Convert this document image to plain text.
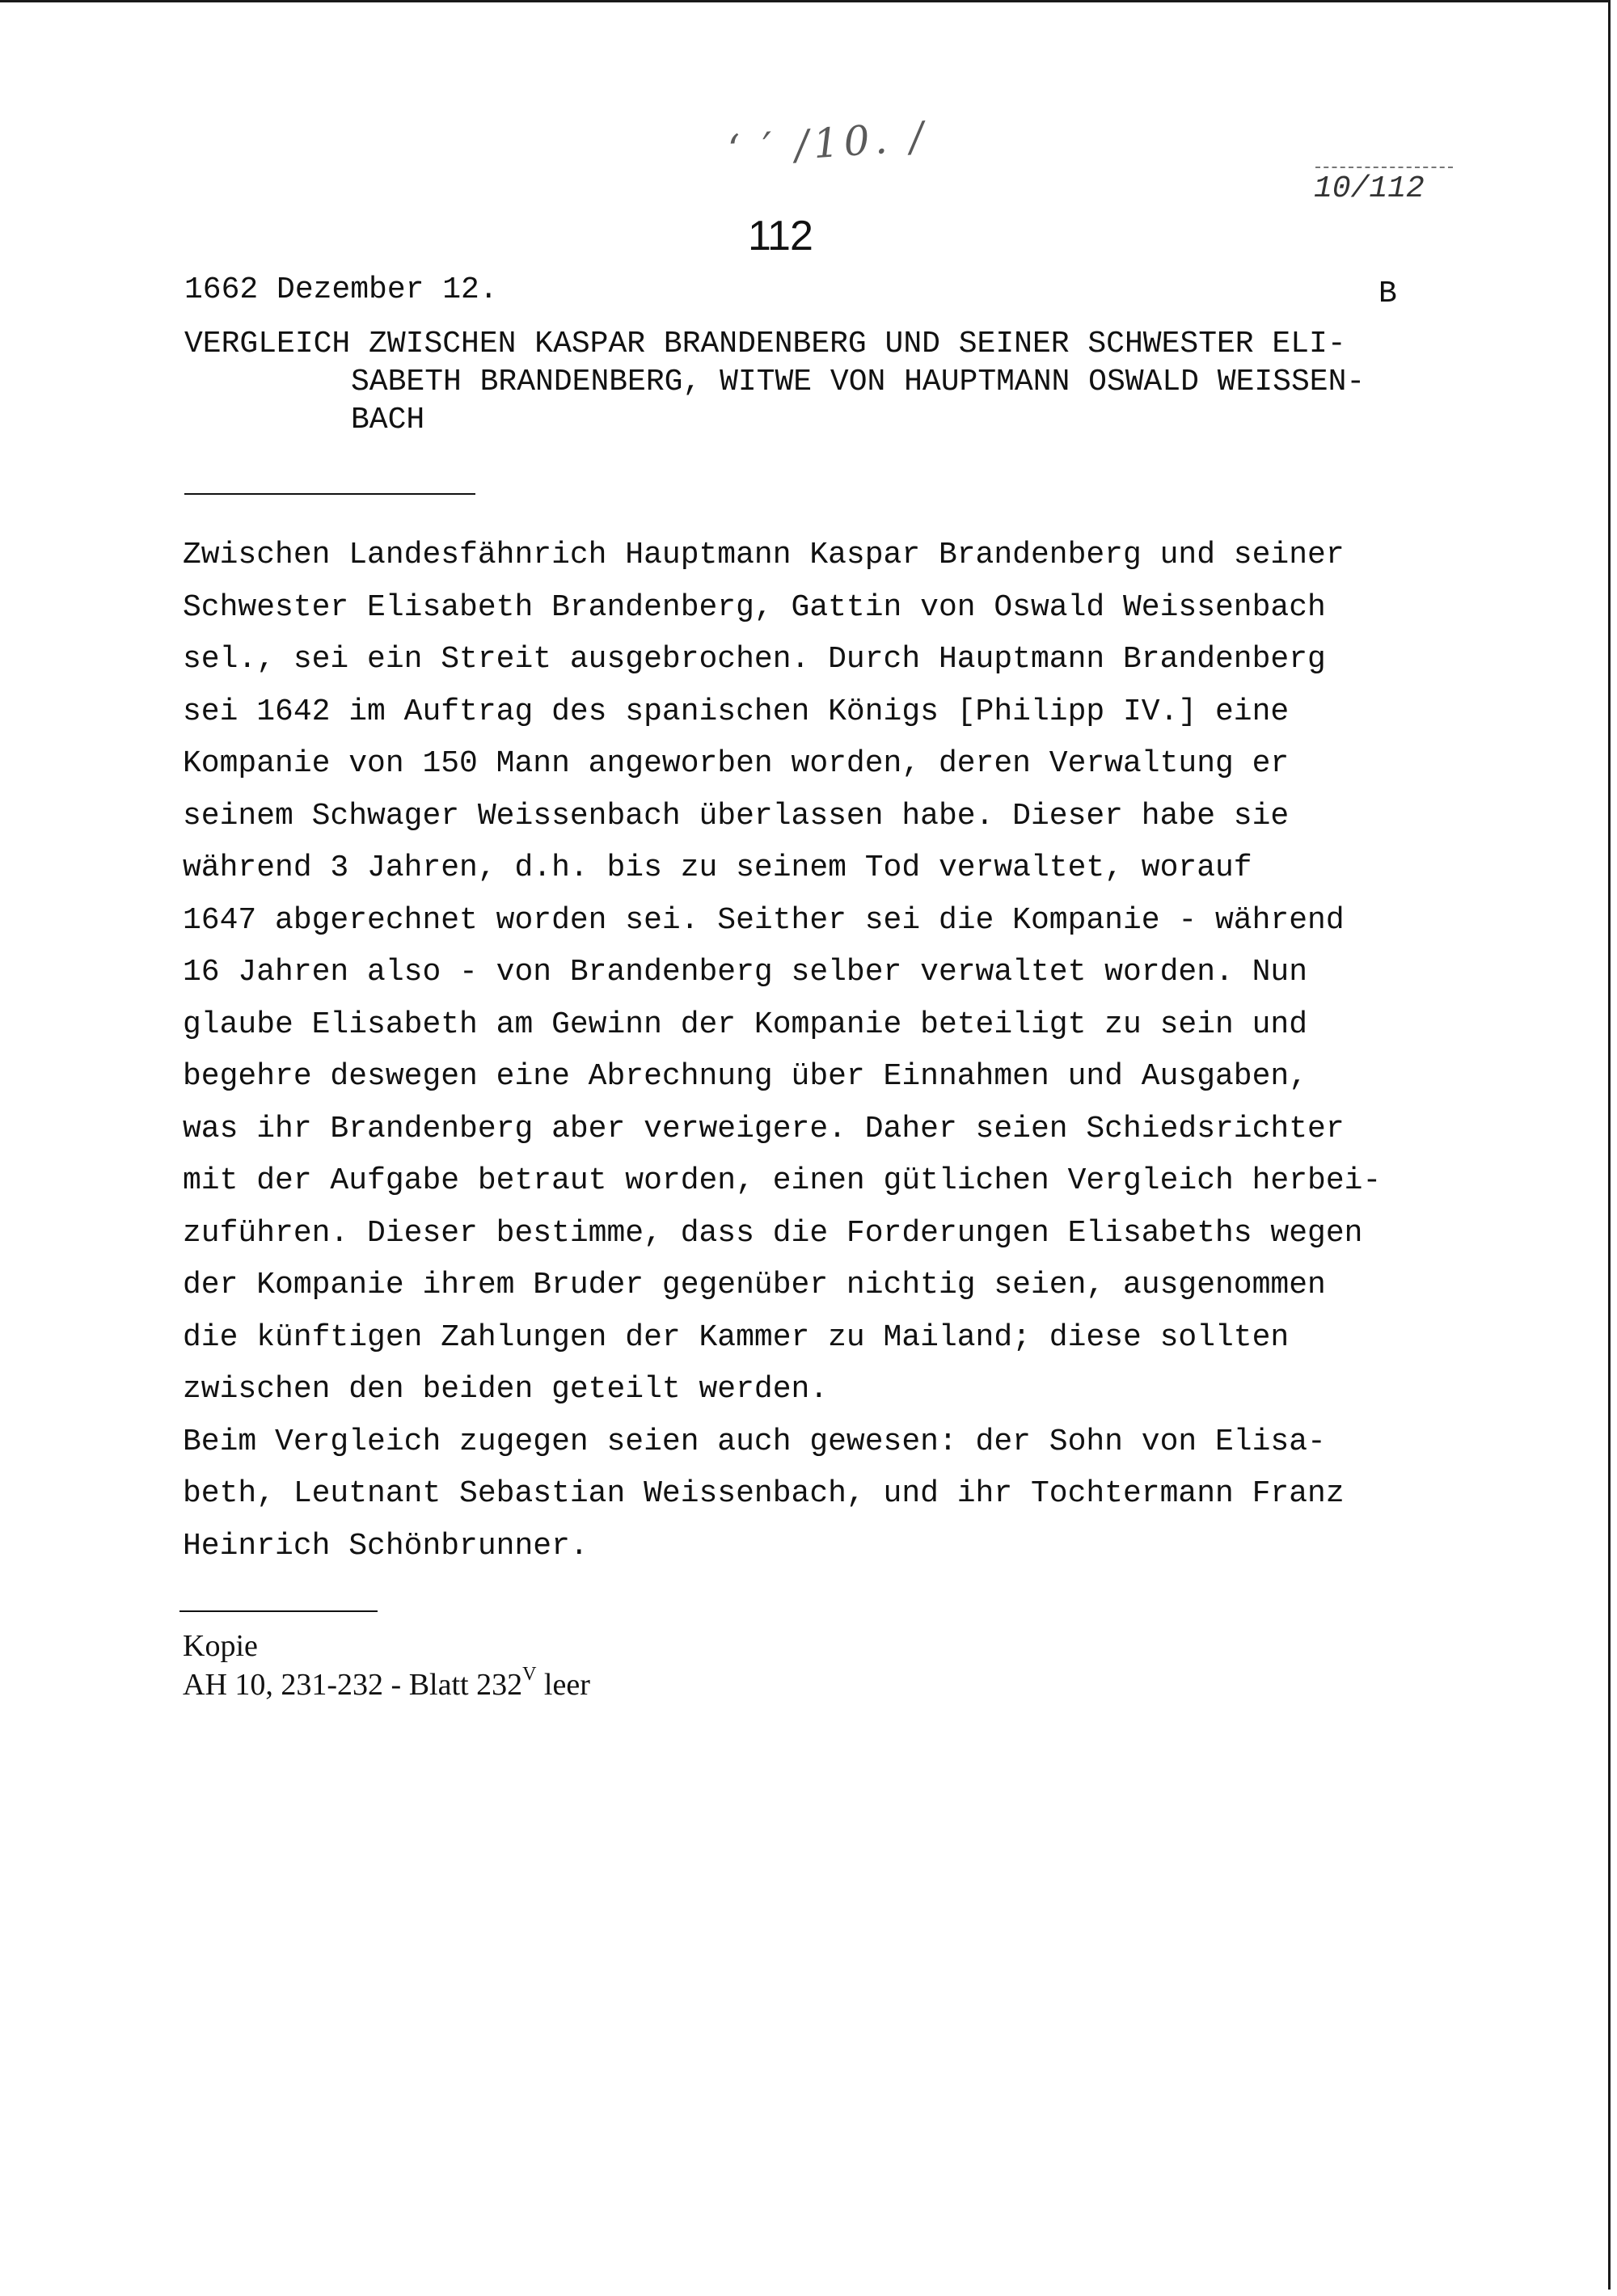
‘ ′ ∕10. /
10/112
112
1662 Dezember 12.	B
VERGLEICH ZWISCHEN KASPAR BRANDENBERG UND SEINER SCHWESTER ELI-
SABETH BRANDENBERG, WITWE VON HAUPTMANN OSWALD WEISSEN-
BACH
Zwischen Landesfähnrich Hauptmann Kaspar Brandenberg und seiner
Schwester Elisabeth Brandenberg, Gattin von Oswald Weissenbach
sel., sei ein Streit ausgebrochen. Durch Hauptmann Brandenberg
sei 1642 im Auftrag des spanischen Königs [Philipp IV.] eine
Kompanie von 150 Mann angeworben worden, deren Verwaltung er
seinem Schwager Weissenbach überlassen habe. Dieser habe sie
während 3 Jahren, d.h. bis zu seinem Tod verwaltet, worauf
1647 abgerechnet worden sei. Seither sei die Kompanie - während
16 Jahren also - von Brandenberg selber verwaltet worden. Nun
glaube Elisabeth am Gewinn der Kompanie beteiligt zu sein und
begehre deswegen eine Abrechnung über Einnahmen und Ausgaben,
was ihr Brandenberg aber verweigere. Daher seien Schiedsrichter
mit der Aufgabe betraut worden, einen gütlichen Vergleich herbei-
zuführen. Dieser bestimme, dass die Forderungen Elisabeths wegen
der Kompanie ihrem Bruder gegenüber nichtig seien, ausgenommen
die künftigen Zahlungen der Kammer zu Mailand; diese sollten
zwischen den beiden geteilt werden.
Beim Vergleich zugegen seien auch gewesen: der Sohn von Elisa-
beth, Leutnant Sebastian Weissenbach, und ihr Tochtermann Franz
Heinrich Schönbrunner.
Kopie
AH 10, 231-232 - Blatt $232^V$ leer
